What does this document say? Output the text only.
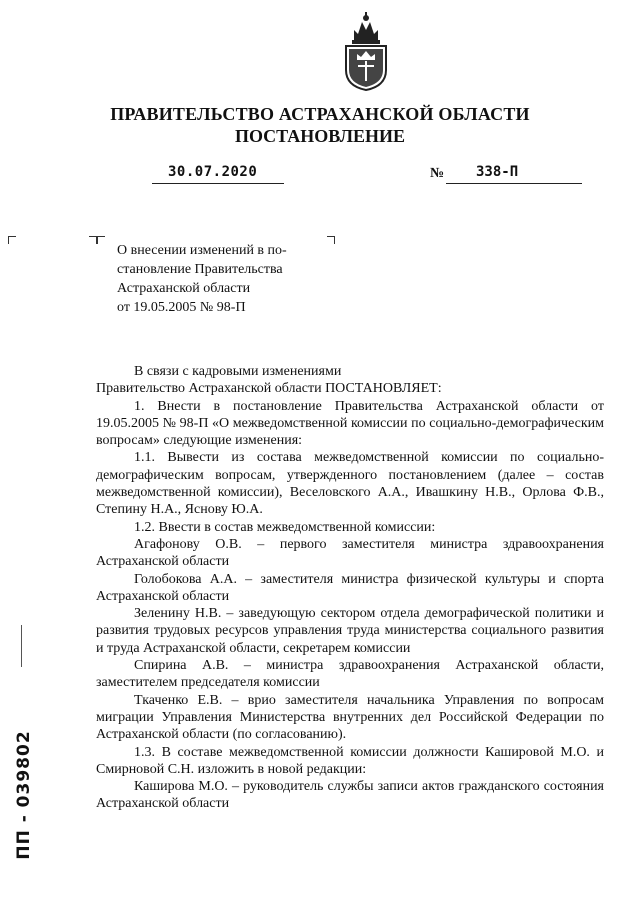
ПРАВИТЕЛЬСТВО АСТРАХАНСКОЙ ОБЛАСТИ
ПОСТАНОВЛЕНИЕ
30.07.2020	№ 338-П
О внесении изменений в по-
становление Правительства
Астраханской области
от 19.05.2005 № 98-П

В связи с кадровыми изменениями

Правительство Астраханской области ПОСТАНОВЛЯЕТ:

1. Внести в постановление Правительства Астраханской области от 19.05.2005 № 98-П «О межведомственной комиссии по социально-демографическим вопросам» следующие изменения:

1.1. Вывести из состава межведомственной комиссии по социально-демографическим вопросам, утвержденного постановлением (далее – состав межведомственной комиссии), Веселовского А.А., Ивашкину Н.В., Орлова Ф.В., Степину Н.А., Яснову Ю.А.

1.2. Ввести в состав межведомственной комиссии:

Агафонову О.В. – первого заместителя министра здравоохранения Астраханской области

Голобокова А.А. – заместителя министра физической культуры и спорта Астраханской области

Зеленину Н.В. – заведующую сектором отдела демографической политики и развития трудовых ресурсов управления труда министерства социального развития и труда Астраханской области, секретарем комиссии

Спирина А.В. – министра здравоохранения Астраханской области, заместителем председателя комиссии

Ткаченко Е.В. – врио заместителя начальника Управления по вопросам миграции Управления Министерства внутренних дел Российской Федерации по Астраханской области (по согласованию).

1.3. В составе межведомственной комиссии должности Кашировой М.О. и Смирновой С.Н. изложить в новой редакции:

Каширова М.О. – руководитель службы записи актов гражданского состояния Астраханской области

ПП - 039802
